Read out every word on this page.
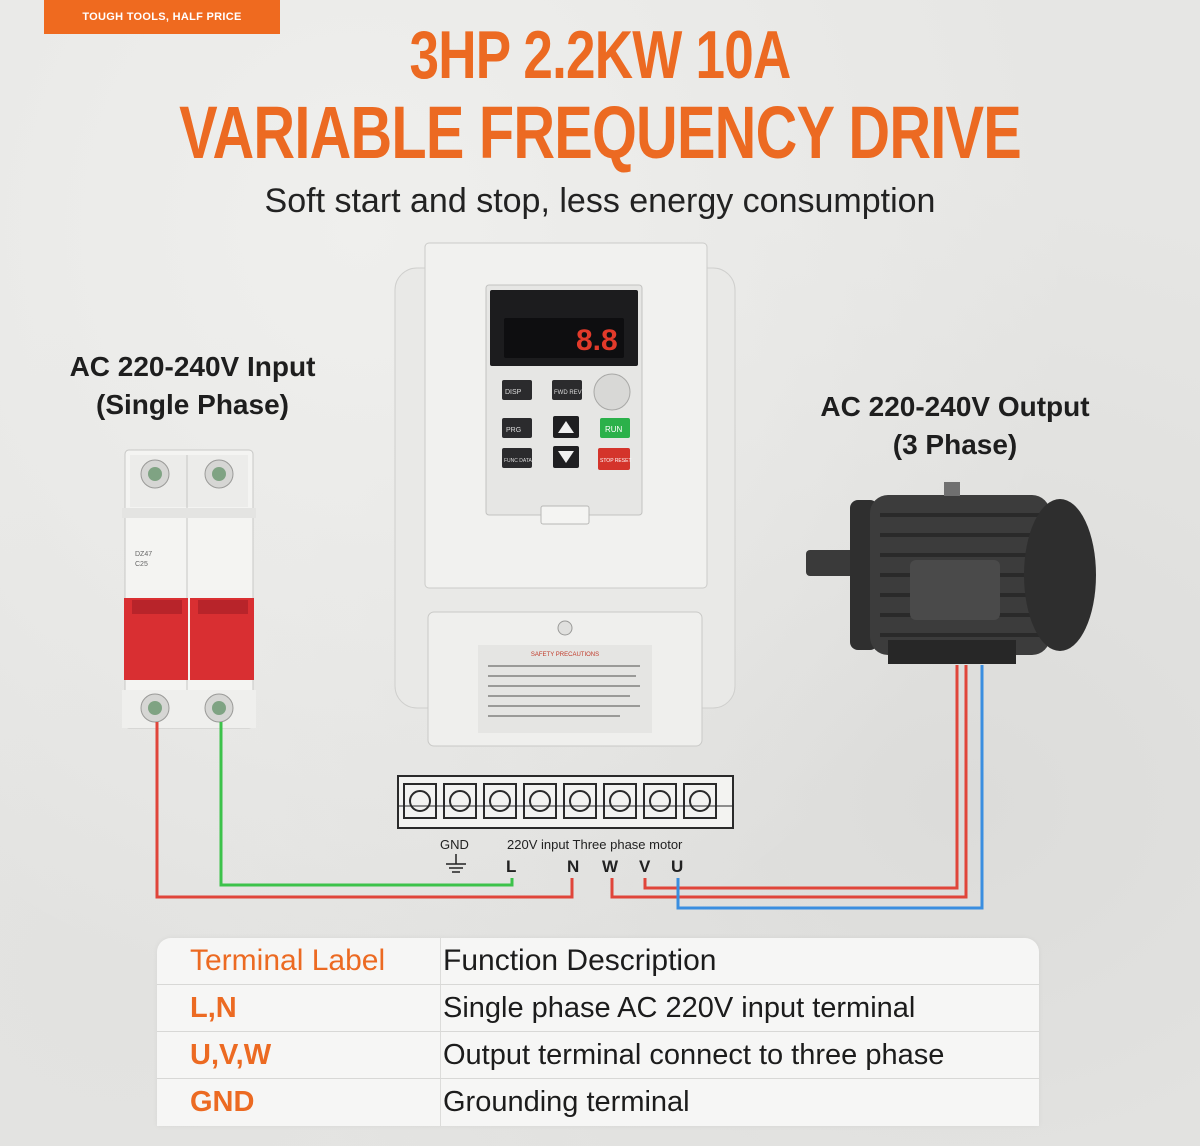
TOUGH TOOLS, HALF PRICE	3HP 2.2KW 10A
VARIABLE FREQUENCY DRIVE
Soft start and stop, less energy consumption
AC 220-240V Input
(Single Phase)	AC 220-240V Output
(3 Phase)
DZ47
C25
8.8
DISP	FWD REV
PRG	RUN
FUNC DATA	STOP RESET
SAFETY PRECAUTIONS
GND	220V input Three phase motor
L	N W V U
Terminal Label	Function Description
L,N	Single phase AC 220V input terminal
U,V,W	Output terminal connect to three phase
GND	Grounding terminal
